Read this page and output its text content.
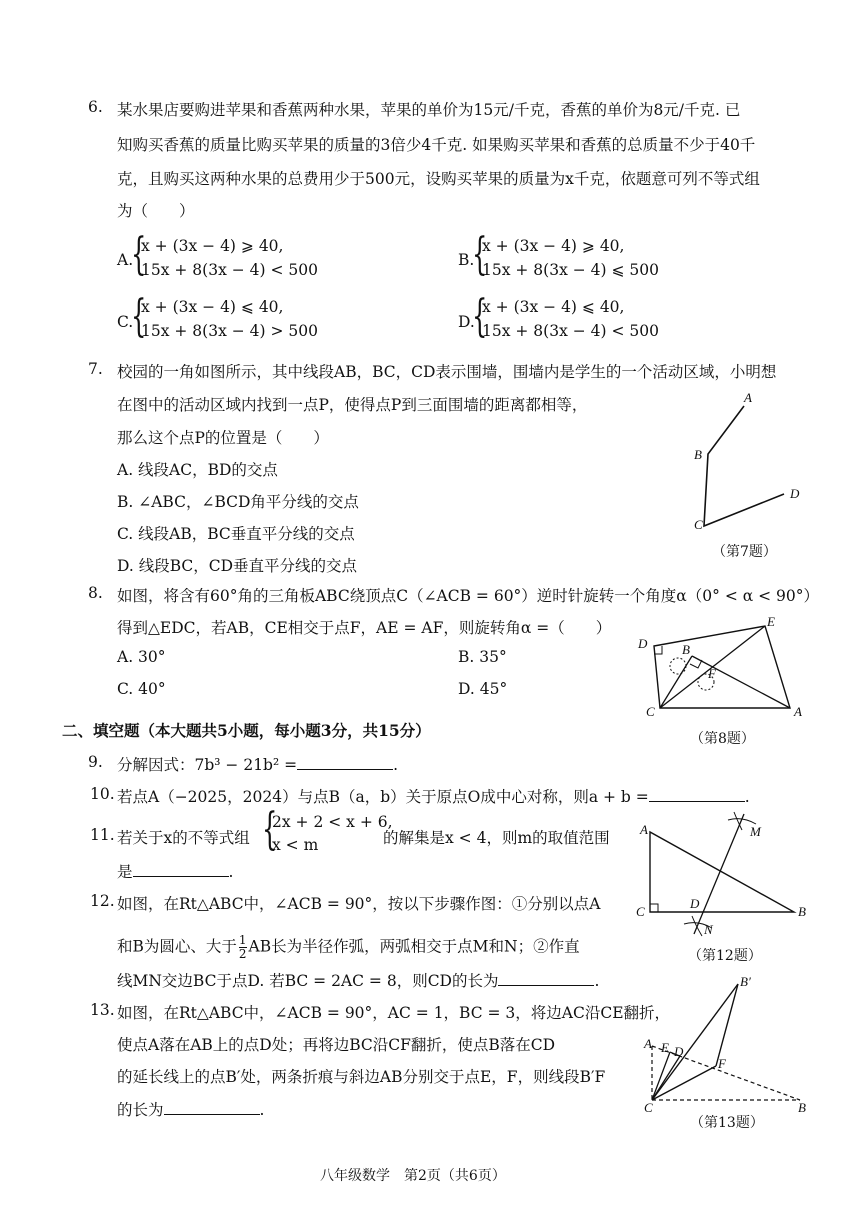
6. 某水果店要购进苹果和香蕉两种水果，苹果的单价为15元/千克，香蕉的单价为8元/千克. 已
知购买香蕉的质量比购买苹果的质量的3倍少4千克. 如果购买苹果和香蕉的总质量不少于40千
克，且购买这两种水果的总费用少于500元，设购买苹果的质量为x千克，依题意可列不等式组
为（　　）
A.
{
x + (3x − 4) ⩾ 40,
15x + 8(3x − 4) < 500
B.
{
x + (3x − 4) ⩾ 40,
15x + 8(3x − 4) ⩽ 500
C.
{
x + (3x − 4) ⩽ 40,
15x + 8(3x − 4) > 500	D.
{
x + (3x − 4) ⩽ 40,
15x + 8(3x − 4) < 500
7. 校园的一角如图所示，其中线段AB，BC，CD表示围墙，围墙内是学生的一个活动区域，小明想
在图中的活动区域内找到一点P，使得点P到三面围墙的距离都相等，
那么这个点P的位置是（　　）
A. 线段AC，BD的交点
B. ∠ABC，∠BCD角平分线的交点
C. 线段AB，BC垂直平分线的交点
D. 线段BC，CD垂直平分线的交点
A
B
C
D
（第7题）
8. 如图，将含有60°角的三角板ABC绕顶点C（∠ACB = 60°）逆时针旋转一个角度α（0° < α < 90°）
得到△EDC，若AB，CE相交于点F，AE = AF，则旋转角α =（　　）
A. 30°	B. 35°
C. 40°	D. 45°
D
E
B
F
C	A
（第8题）
二、填空题（本大题共5小题，每小题3分，共15分）
9. 分解因式：7b³ − 21b² =	.
10. 若点A（−2025，2024）与点B（a，b）关于原点O成中心对称，则a + b =	.
11. 若关于x的不等式组 {
2x + 2 < x + 6,
x < m	的解集是x < 4，则m的取值范围
是	.
12. 如图，在Rt△ABC中，∠ACB = 90°，按以下步骤作图：①分别以点A
和B为圆心、大于 $\frac{1}{2}$ AB长为半径作弧，两弧相交于点M和N；②作直
线MN交边BC于点D. 若BC = 2AC = 8，则CD的长为	.
A	M
C
D
B
N
（第12题）
13. 如图，在Rt△ABC中，∠ACB = 90°，AC = 1，BC = 3，将边AC沿CE翻折，
使点A落在AB上的点D处；再将边BC沿CF翻折，使点B落在CD
的延长线上的点B′处，两条折痕与斜边AB分别交于点E，F，则线段B′F
的长为	.
B′
A E D
F
C	B
（第13题）
八年级数学　第2页（共6页）
